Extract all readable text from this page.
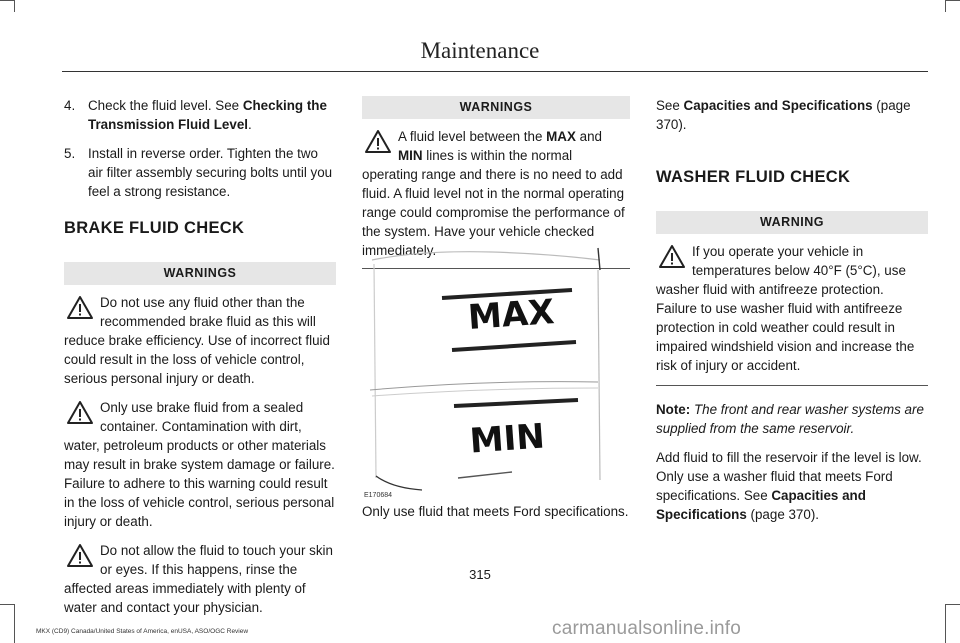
Maintenance
4. Check the fluid level. See Checking the Transmission Fluid Level.
5. Install in reverse order. Tighten the two air filter assembly securing bolts until you feel a strong resistance.
BRAKE FLUID CHECK
WARNINGS
Do not use any fluid other than the recommended brake fluid as this will
reduce brake efficiency. Use of incorrect fluid could result in the loss of vehicle control, serious personal injury or death.
Only use brake fluid from a sealed container. Contamination with dirt,
water, petroleum products or other materials may result in brake system damage or failure. Failure to adhere to this warning could result in the loss of vehicle control, serious personal injury or death.
Do not allow the fluid to touch your skin or eyes. If this happens, rinse the
affected areas immediately with plenty of water and contact your physician.
WARNINGS
A fluid level between the MAX and
MIN lines is within the normal
operating range and there is no need to add fluid. A fluid level not in the normal operating range could compromise the performance of the system. Have your vehicle checked immediately.
MAX
MIN
E170684
Only use fluid that meets Ford specifications.

See Capacities and Specifications (page 370).

WASHER FLUID CHECK
WARNING
If you operate your vehicle in temperatures below 40°F (5°C), use
washer fluid with antifreeze protection. Failure to use washer fluid with antifreeze protection in cold weather could result in impaired windshield vision and increase the risk of injury or accident.

Note: The front and rear washer systems are supplied from the same reservoir.

Add fluid to fill the reservoir if the level is low. Only use a washer fluid that meets Ford specifications. See Capacities and Specifications (page 370).

315
MKX (CD9) Canada/United States of America, enUSA, ASO/OGC Review	carmanualsonline.info
